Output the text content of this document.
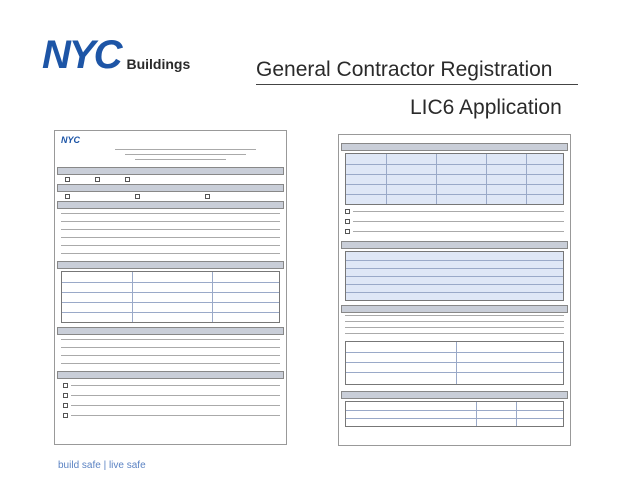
NYC Buildings	General Contractor Registration
LIC6 Application
NYC
build safe | live safe
